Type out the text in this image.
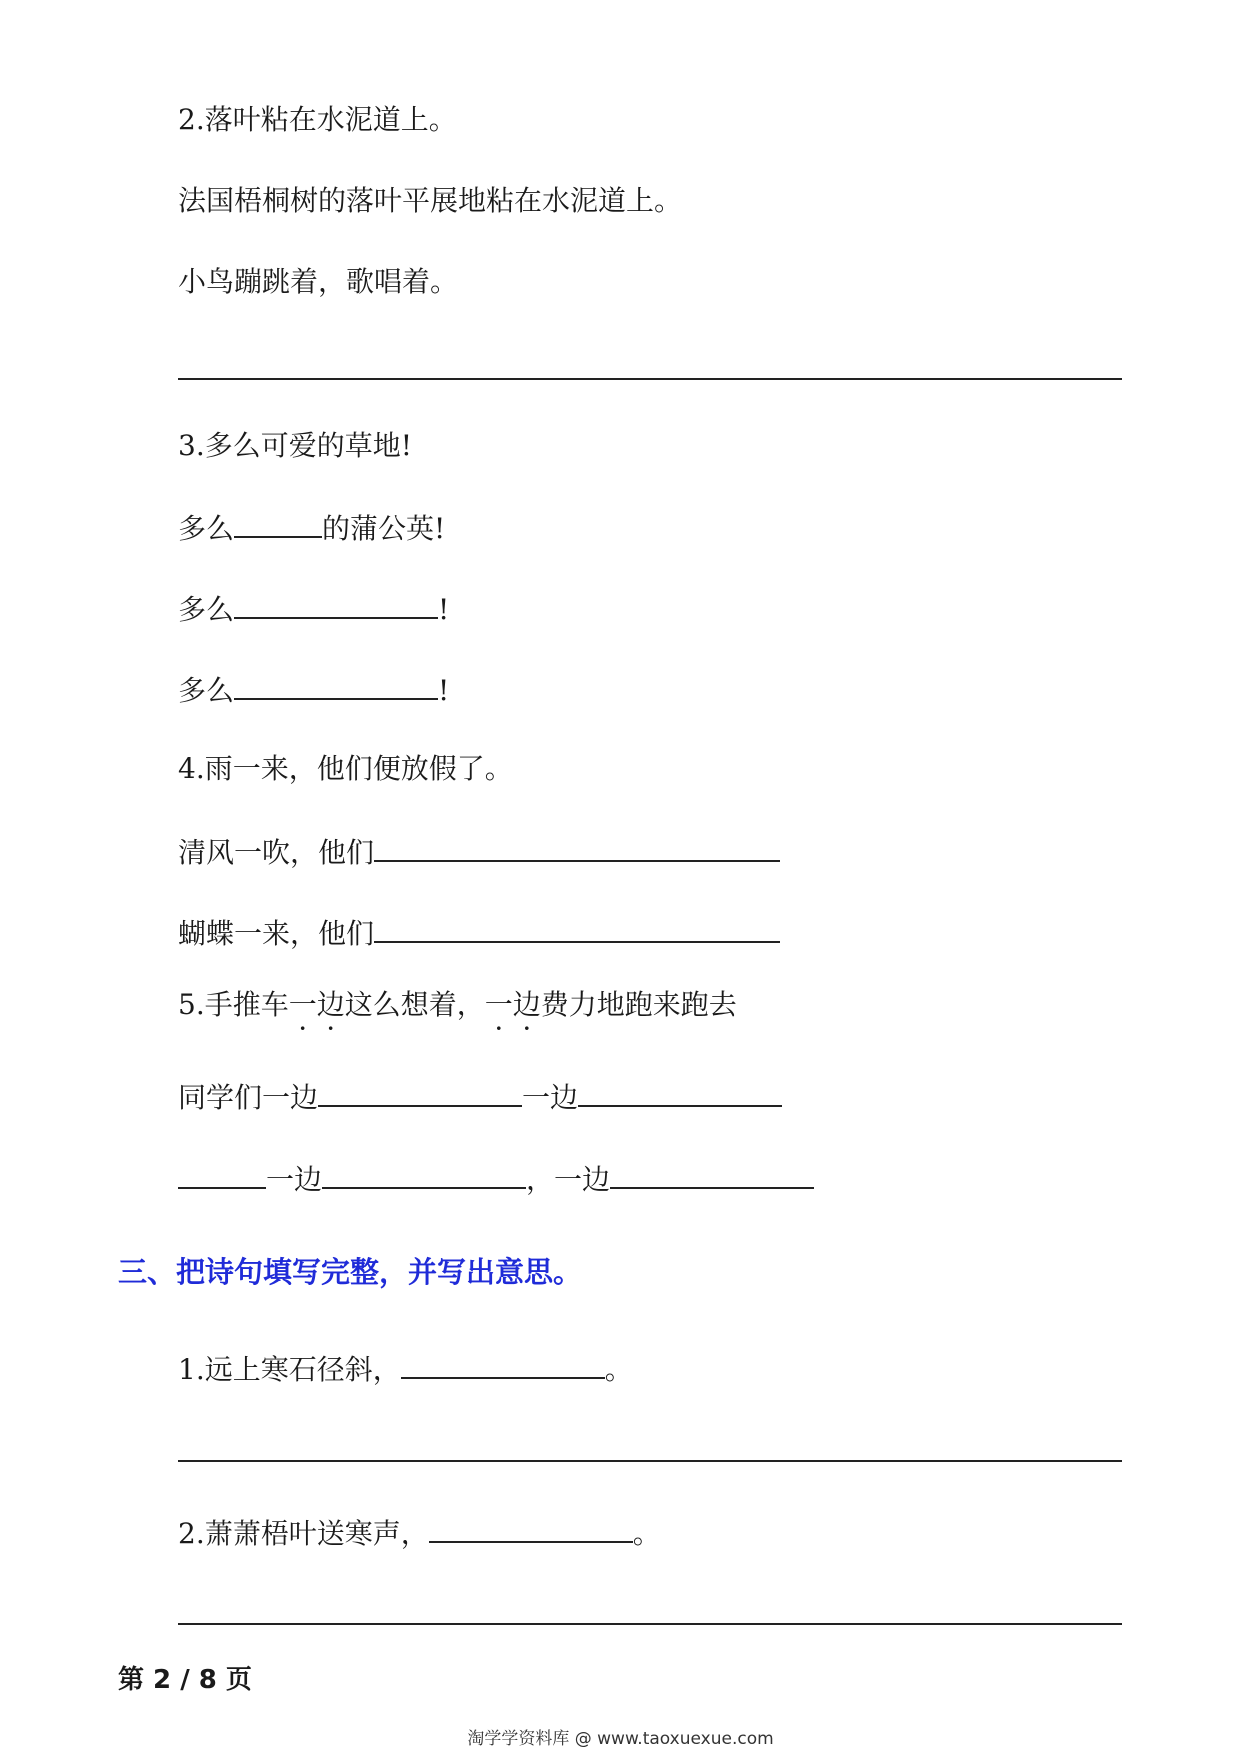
2.落叶粘在水泥道上。
法国梧桐树的落叶平展地粘在水泥道上。
小鸟蹦跳着，歌唱着。
3.多么可爱的草地!
多么	的蒲公英!
多么	!
多么	!
4.雨一来，他们便放假了。
清风一吹，他们
蝴蝶一来，他们
5.手推车一边这么想着，一边费力地跑来跑去
同学们一边	一边
一边	，一边
三、把诗句填写完整，并写出意思。
1.远上寒石径斜，	。
2.萧萧梧叶送寒声，	。
第 2 / 8 页
淘学学资料库 @ www.taoxuexue.com
